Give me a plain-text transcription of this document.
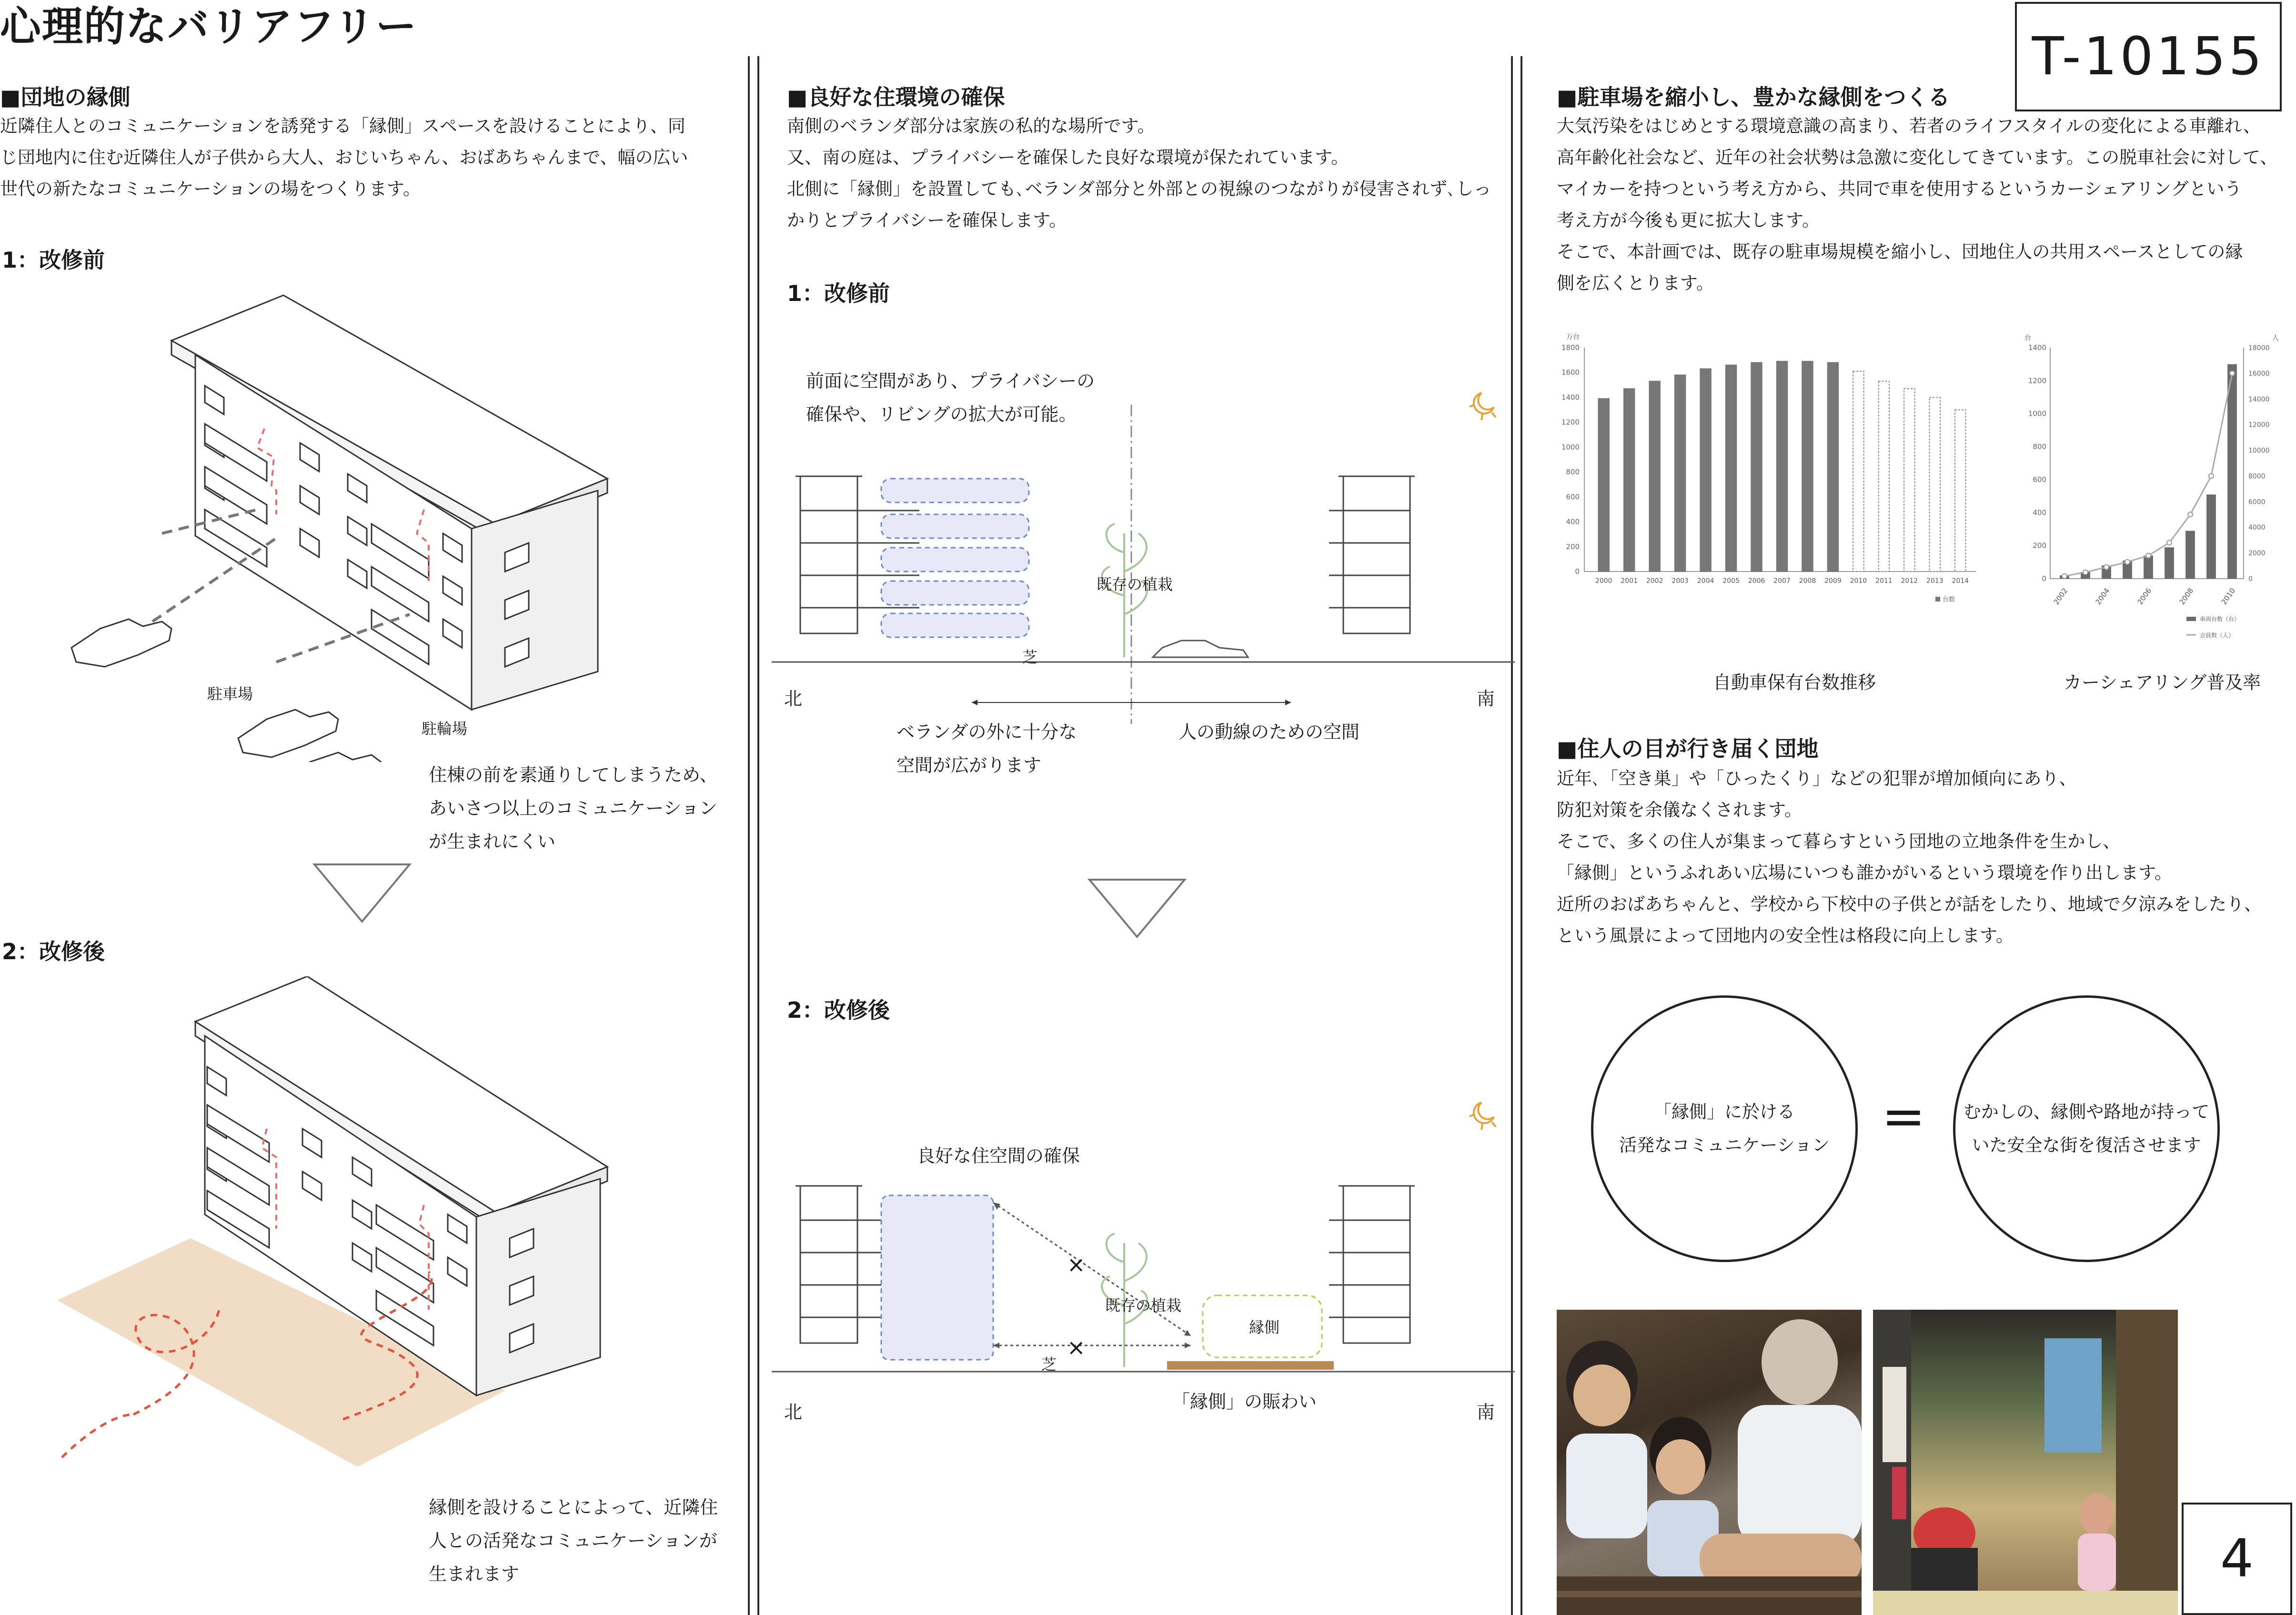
心理的なバリアフリー	T-10155
4
■団地の縁側
近隣住人とのコミュニケーションを誘発する「縁側」スペースを設けることにより、同
じ団地内に住む近隣住人が子供から大人、おじいちゃん、おばあちゃんまで、幅の広い
世代の新たなコミュニケーションの場をつくります。
1：改修前
駐車場
駐輪場
住棟の前を素通りしてしまうため、
あいさつ以上のコミュニケーション
が生まれにくい
2：改修後
縁側を設けることによって、近隣住
人との活発なコミュニケーションが
生まれます
■良好な住環境の確保
南側のベランダ部分は家族の私的な場所です。
又、南の庭は、プライバシーを確保した良好な環境が保たれています。
北側に「縁側」を設置しても､ベランダ部分と外部との視線のつながりが侵害されず､しっ
かりとプライバシーを確保します。
1：改修前
前面に空間があり、プライバシーの
確保や、リビングの拡大が可能。
既存の植栽
芝
北	南
ベランダの外に十分な
空間が広がります
人の動線のための空間
2：改修後
良好な住空間の確保
×
×
既存の植栽
縁側
芝
北	南
「縁側」の賑わい
■駐車場を縮小し、豊かな縁側をつくる
大気汚染をはじめとする環境意識の高まり、若者のライフスタイルの変化による車離れ、
高年齢化社会など、近年の社会状勢は急激に変化してきています。この脱車社会に対して、
マイカーを持つという考え方から、共同で車を使用するというカーシェアリングという
考え方が今後も更に拡大します。
そこで、本計画では、既存の駐車場規模を縮小し、団地住人の共用スペースとしての縁
側を広くとります。
万台
0
200
400
600
800
1000
1200
1400
1600
1800
2000 2001 2002 2003 2004 2005 2006 2007 2008 2009 2010 2011 2012 2013 2014
台数
台	人
0
200
400
600
800
1000
1200
1400
0
2000
4000
6000
8000
10000
12000
14000
16000
18000
2002	2004	2006	2008	2010
車両台数（台）
会員数（人）
自動車保有台数推移	カーシェアリング普及率
■住人の目が行き届く団地
近年､「空き巣」や「ひったくり」などの犯罪が増加傾向にあり、
防犯対策を余儀なくされます。
そこで、多くの住人が集まって暮らすという団地の立地条件を生かし、
「縁側」というふれあい広場にいつも誰かがいるという環境を作り出します。
近所のおばあちゃんと、学校から下校中の子供とが話をしたり、地域で夕涼みをしたり、
という風景によって団地内の安全性は格段に向上します。
「縁側」に於ける
活発なコミュニケーション = むかしの、縁側や路地が持って
いた安全な街を復活させます
